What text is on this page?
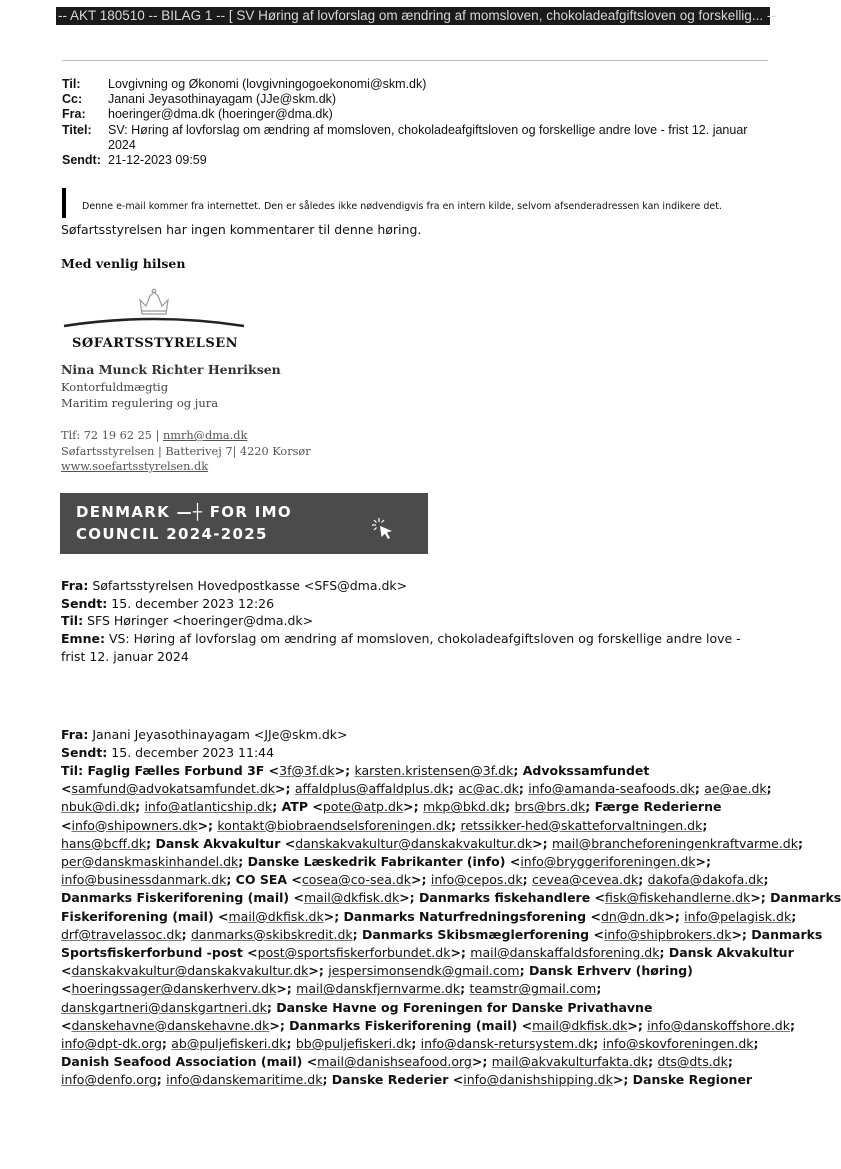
-- AKT 180510 -- BILAG 1 -- [ SV Høring af lovforslag om ændring af momsloven, chokoladeafgiftsloven og forskellig... --
Til:	Lovgivning og Økonomi (lovgivningogoekonomi@skm.dk)
Cc:	Janani Jeyasothinayagam (JJe@skm.dk)
Fra:	hoeringer@dma.dk (hoeringer@dma.dk)
Titel:	SV: Høring af lovforslag om ændring af momsloven, chokoladeafgiftsloven og forskellige andre love - frist 12. januar 2024
Sendt: 21-12-2023 09:59
Denne e-mail kommer fra internettet. Den er således ikke nødvendigvis fra en intern kilde, selvom afsenderadressen kan indikere det.
Søfartsstyrelsen har ingen kommentarer til denne høring.
Med venlig hilsen
SØFARTSSTYRELSEN
Nina Munck Richter Henriksen
Kontorfuldmægtig
Maritim regulering og jura
Tlf: 72 19 62 25 | nmrh@dma.dk
Søfartsstyrelsen | Batterivej 7| 4220 Korsør
www.soefartsstyrelsen.dk
DENMARK —┼ FOR IMO
COUNCIL 2024-2025
Fra: Søfartsstyrelsen Hovedpostkasse <SFS@dma.dk>
Sendt: 15. december 2023 12:26
Til: SFS Høringer <hoeringer@dma.dk>
Emne: VS: Høring af lovforslag om ændring af momsloven, chokoladeafgiftsloven og forskellige andre love - frist 12. januar 2024
Fra: Janani Jeyasothinayagam <JJe@skm.dk>
Sendt: 15. december 2023 11:44
Til: Faglig Fælles Forbund 3F <3f@3f.dk>; karsten.kristensen@3f.dk; Advokssamfundet
<samfund@advokatsamfundet.dk>; affaldplus@affaldplus.dk; ac@ac.dk; info@amanda-seafoods.dk; ae@ae.dk;
nbuk@di.dk; info@atlanticship.dk; ATP <pote@atp.dk>; mkp@bkd.dk; brs@brs.dk; Færge Rederierne
<info@shipowners.dk>; kontakt@biobraendselsforeningen.dk; retssikker-hed@skatteforvaltningen.dk;
hans@bcff.dk; Dansk Akvakultur <danskakvakultur@danskakvakultur.dk>; mail@brancheforeningenkraftvarme.dk;
per@danskmaskinhandel.dk; Danske Læskedrik Fabrikanter (info) <info@bryggeriforeningen.dk>;
info@businessdanmark.dk; CO SEA <cosea@co-sea.dk>; info@cepos.dk; cevea@cevea.dk; dakofa@dakofa.dk;
Danmarks Fiskeriforening (mail) <mail@dkfisk.dk>; Danmarks fiskehandlere <fisk@fiskehandlerne.dk>; Danmarks
Fiskeriforening (mail) <mail@dkfisk.dk>; Danmarks Naturfredningsforening <dn@dn.dk>; info@pelagisk.dk;
drf@travelassoc.dk; danmarks@skibskredit.dk; Danmarks Skibsmæglerforening <info@shipbrokers.dk>; Danmarks
Sportsfiskerforbund -post <post@sportsfiskerforbundet.dk>; mail@danskaffaldsforening.dk; Dansk Akvakultur
<danskakvakultur@danskakvakultur.dk>; jespersimonsendk@gmail.com; Dansk Erhverv (høring)
<hoeringssager@danskerhverv.dk>; mail@danskfjernvarme.dk; teamstr@gmail.com;
danskgartneri@danskgartneri.dk; Danske Havne og Foreningen for Danske Privathavne
<danskehavne@danskehavne.dk>; Danmarks Fiskeriforening (mail) <mail@dkfisk.dk>; info@danskoffshore.dk;
info@dpt-dk.org; ab@puljefiskeri.dk; bb@puljefiskeri.dk; info@dansk-retursystem.dk; info@skovforeningen.dk;
Danish Seafood Association (mail) <mail@danishseafood.org>; mail@akvakulturfakta.dk; dts@dts.dk;
info@denfo.org; info@danskemaritime.dk; Danske Rederier <info@danishshipping.dk>; Danske Regioner
